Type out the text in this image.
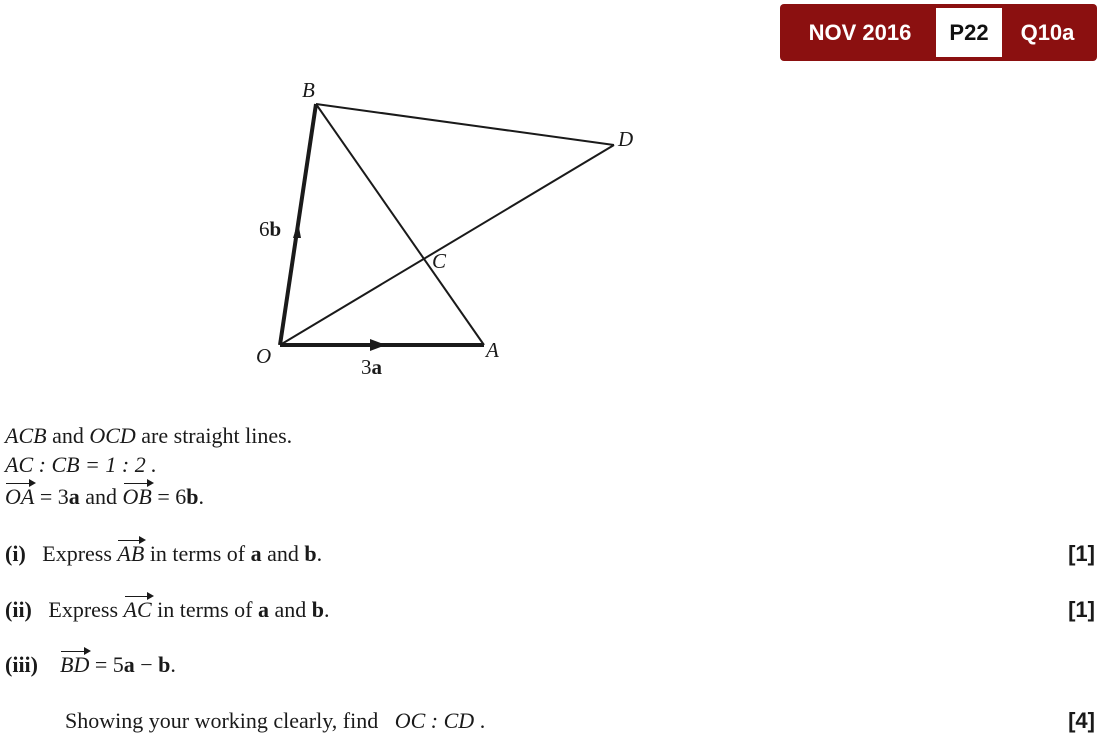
NOV 2016	P22	Q10a
B
D
C
A
O
6b
3a
ACB and OCD are straight lines.
AC : CB = 1 : 2 .
OA = 3a and OB = 6b.
(i) Express AB in terms of a and b.	[1]
(ii) Express AC in terms of a and b.	[1]
(iii) BD = 5a − b.
Showing your working clearly, find   OC : CD .	[4]
